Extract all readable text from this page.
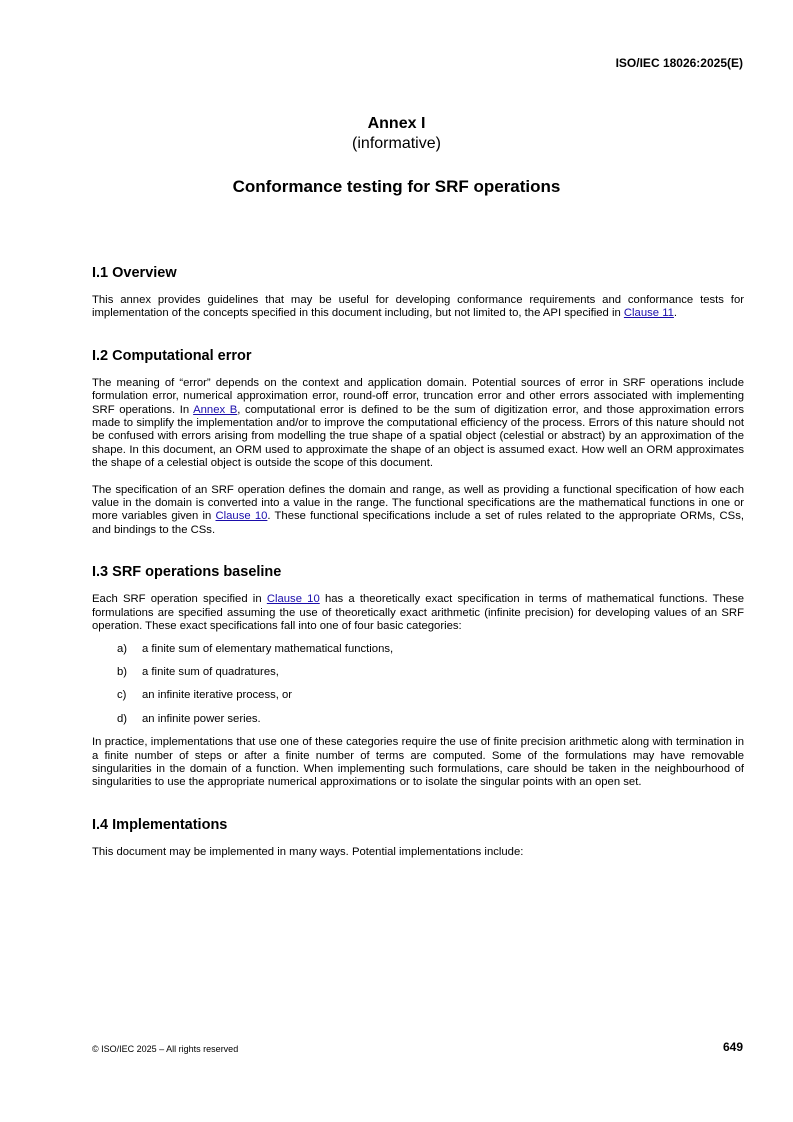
ISO/IEC 18026:2025(E)
Annex I
(informative)
Conformance testing for SRF operations
I.1 Overview

This annex provides guidelines that may be useful for developing conformance requirements and conformance tests for implementation of the concepts specified in this document including, but not limited to, the API specified in Clause 11.

I.2 Computational error

The meaning of “error” depends on the context and application domain. Potential sources of error in SRF operations include formulation error, numerical approximation error, round-off error, truncation error and other errors associated with implementing SRF operations. In Annex B, computational error is defined to be the sum of digitization error, and those approximation errors made to simplify the implementation and/or to improve the computational efficiency of the process. Errors of this nature should not be confused with errors arising from modelling the true shape of a spatial object (celestial or abstract) by an approximation of the shape. In this document, an ORM used to approximate the shape of an object is assumed exact. How well an ORM approximates the shape of a celestial object is outside the scope of this document.

The specification of an SRF operation defines the domain and range, as well as providing a functional specification of how each value in the domain is converted into a value in the range. The functional specifications are the mathematical functions in one or more variables given in Clause 10. These functional specifications include a set of rules related to the appropriate ORMs, CSs, and bindings to the CSs.

I.3 SRF operations baseline

Each SRF operation specified in Clause 10 has a theoretically exact specification in terms of mathematical functions. These formulations are specified assuming the use of theoretically exact arithmetic (infinite precision) for developing values of an SRF operation. These exact specifications fall into one of four basic categories:

a) a finite sum of elementary mathematical functions,
b) a finite sum of quadratures,
c) an infinite iterative process, or
d) an infinite power series.

In practice, implementations that use one of these categories require the use of finite precision arithmetic along with termination in a finite number of steps or after a finite number of terms are computed. Some of the formulations may have removable singularities in the domain of a function. When implementing such formulations, care should be taken in the neighbourhood of singularities to use the appropriate numerical approximations or to isolate the singular points with an open set.

I.4 Implementations

This document may be implemented in many ways. Potential implementations include:

© ISO/IEC 2025 – All rights reserved	649
